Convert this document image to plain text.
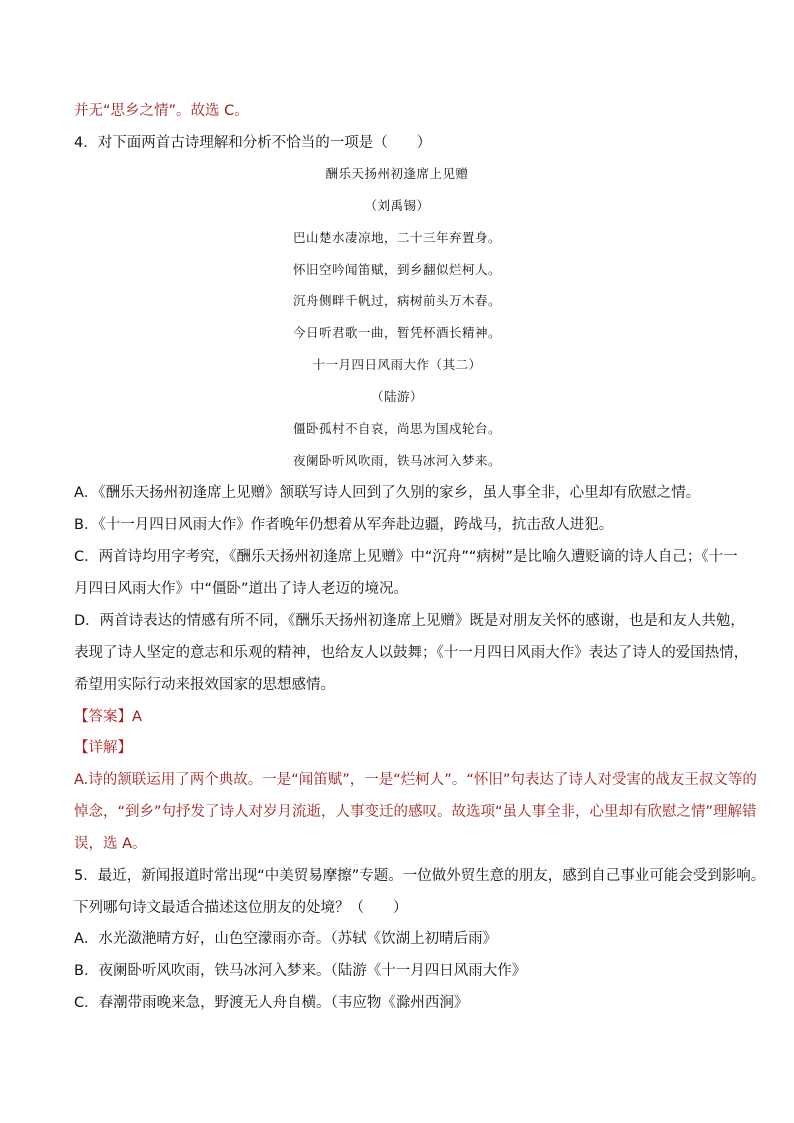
并无“思乡之情”。故选 C。
4．对下面两首古诗理解和分析不恰当的一项是（　　）
酬乐天扬州初逢席上见赠
（刘禹锡）
巴山楚水凄凉地，二十三年弃置身。
怀旧空吟闻笛赋，到乡翻似烂柯人。
沉舟侧畔千帆过，病树前头万木春。
今日听君歌一曲，暂凭杯酒长精神。
十一月四日风雨大作（其二）
（陆游）
僵卧孤村不自哀，尚思为国戍轮台。
夜阑卧听风吹雨，铁马冰河入梦来。
A．《酬乐天扬州初逢席上见赠》颔联写诗人回到了久别的家乡，虽人事全非，心里却有欣慰之情。
B．《十一月四日风雨大作》作者晚年仍想着从军奔赴边疆，跨战马，抗击敌人进犯。
C．两首诗均用字考究，《酬乐天扬州初逢席上见赠》中“沉舟”“病树”是比喻久遭贬谪的诗人自己；《十一
月四日风雨大作》中“僵卧”道出了诗人老迈的境况。
D．两首诗表达的情感有所不同，《酬乐天扬州初逢席上见赠》既是对朋友关怀的感谢，也是和友人共勉，
表现了诗人坚定的意志和乐观的精神，也给友人以鼓舞；《十一月四日风雨大作》表达了诗人的爱国热情，
希望用实际行动来报效国家的思想感情。
【答案】A
【详解】
A.诗的颔联运用了两个典故。一是“闻笛赋”，一是“烂柯人”。“怀旧”句表达了诗人对受害的战友王叔文等的
悼念，“到乡”句抒发了诗人对岁月流逝，人事变迁的感叹。故选项“虽人事全非，心里却有欣慰之情”理解错
误，选 A。
5．最近，新闻报道时常出现“中美贸易摩擦”专题。一位做外贸生意的朋友，感到自己事业可能会受到影响。
下列哪句诗文最适合描述这位朋友的处境？（　　）
A．水光潋滟晴方好，山色空濛雨亦奇。（苏轼《饮湖上初晴后雨》
B．夜阑卧听风吹雨，铁马冰河入梦来。（陆游《十一月四日风雨大作》
C．春潮带雨晚来急，野渡无人舟自横。（韦应物《滁州西涧》
